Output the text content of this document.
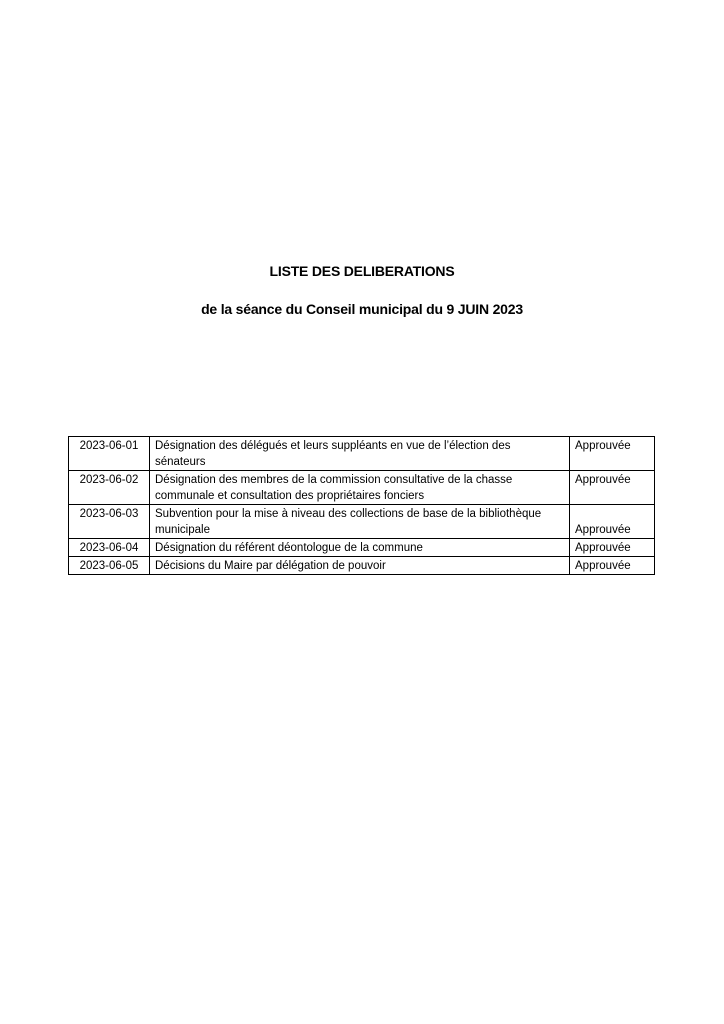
LISTE DES DELIBERATIONS
de la séance du Conseil municipal du 9 JUIN 2023
2023-06-01	Désignation des délégués et leurs suppléants en vue de l’élection des sénateurs	Approuvée
2023-06-02	Désignation des membres de la commission consultative de la chasse communale et consultation des propriétaires fonciers	Approuvée
2023-06-03	Subvention pour la mise à niveau des collections de base de la bibliothèque municipale	Approuvée
2023-06-04	Désignation du référent déontologue de la commune	Approuvée
2023-06-05	Décisions du Maire par délégation de pouvoir	Approuvée
